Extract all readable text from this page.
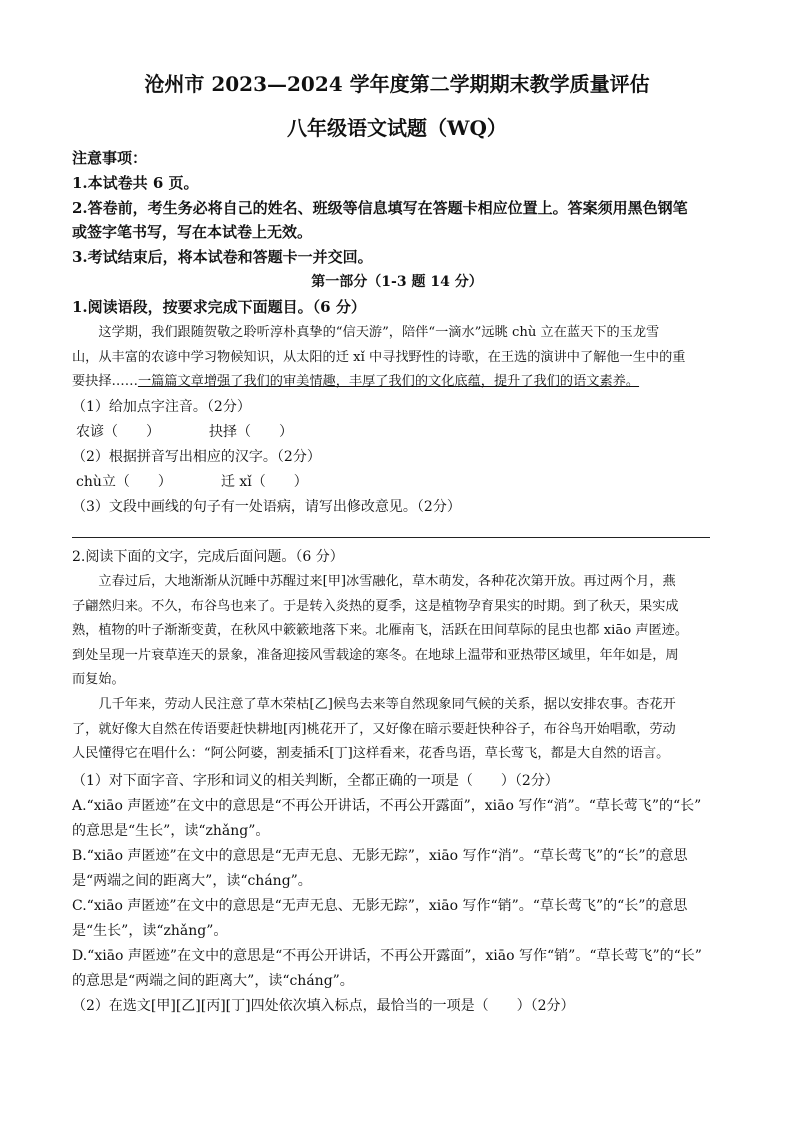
沧州市 2023—2024 学年度第二学期期末教学质量评估
八年级语文试题（WQ）
注意事项：
1.本试卷共 6 页。
2.答卷前，考生务必将自己的姓名、班级等信息填写在答题卡相应位置上。答案须用黑色钢笔
或签字笔书写，写在本试卷上无效。
3.考试结束后，将本试卷和答题卡一并交回。
第一部分（1-3 题 14 分）
1.阅读语段，按要求完成下面题目。（6 分）
这学期，我们跟随贺敬之聆听淳朴真挚的“信天游”，陪伴“一滴水”远眺 chù 立在蓝天下的玉龙雪
山，从丰富的农谚中学习物候知识，从太阳的迁 xǐ 中寻找野性的诗歌，在王选的演讲中了解他一生中的重
要抉择……一篇篇文章增强了我们的审美情趣，丰厚了我们的文化底蕴，提升了我们的语文素养。
（1）给加点字注音。（2分）
农谚（　　）　　　　抉择（　　）
（2）根据拼音写出相应的汉字。（2分）
chù立（　　）　　　　迁 xǐ（　　）
（3）文段中画线的句子有一处语病，请写出修改意见。（2分）
2.阅读下面的文字，完成后面问题。（6 分）
立春过后，大地渐渐从沉睡中苏醒过来[甲]冰雪融化，草木萌发，各种花次第开放。再过两个月，燕
子翩然归来。不久，布谷鸟也来了。于是转入炎热的夏季，这是植物孕育果实的时期。到了秋天，果实成
熟，植物的叶子渐渐变黄，在秋风中簌簌地落下来。北雁南飞，活跃在田间草际的昆虫也都 xiāo 声匿迹。
到处呈现一片衰草连天的景象，准备迎接风雪载途的寒冬。在地球上温带和亚热带区域里，年年如是，周
而复始。
几千年来，劳动人民注意了草木荣枯[乙]候鸟去来等自然现象同气候的关系，据以安排农事。杏花开
了，就好像大自然在传语要赶快耕地[丙]桃花开了，又好像在暗示要赶快种谷子，布谷鸟开始唱歌，劳动
人民懂得它在唱什么：“阿公阿婆，割麦插禾[丁]这样看来，花香鸟语，草长莺飞，都是大自然的语言。
（1）对下面字音、字形和词义的相关判断，全都正确的一项是（　　）（2分）
A.“xiāo 声匿迹”在文中的意思是“不再公开讲话，不再公开露面”，xiāo 写作“消”。“草长莺飞”的“长”
的意思是“生长”，读“zhǎng”。
B.“xiāo 声匿迹”在文中的意思是“无声无息、无影无踪”，xiāo 写作“消”。“草长莺飞”的“长”的意思
是“两端之间的距离大”，读“cháng”。
C.“xiāo 声匿迹”在文中的意思是“无声无息、无影无踪”，xiāo 写作“销”。“草长莺飞”的“长”的意思
是“生长”，读“zhǎng”。
D.“xiāo 声匿迹”在文中的意思是“不再公开讲话，不再公开露面”，xiāo 写作“销”。“草长莺飞”的“长”
的意思是“两端之间的距离大”，读“cháng”。
（2）在选文[甲][乙][丙][丁]四处依次填入标点，最恰当的一项是（　　）（2分）
